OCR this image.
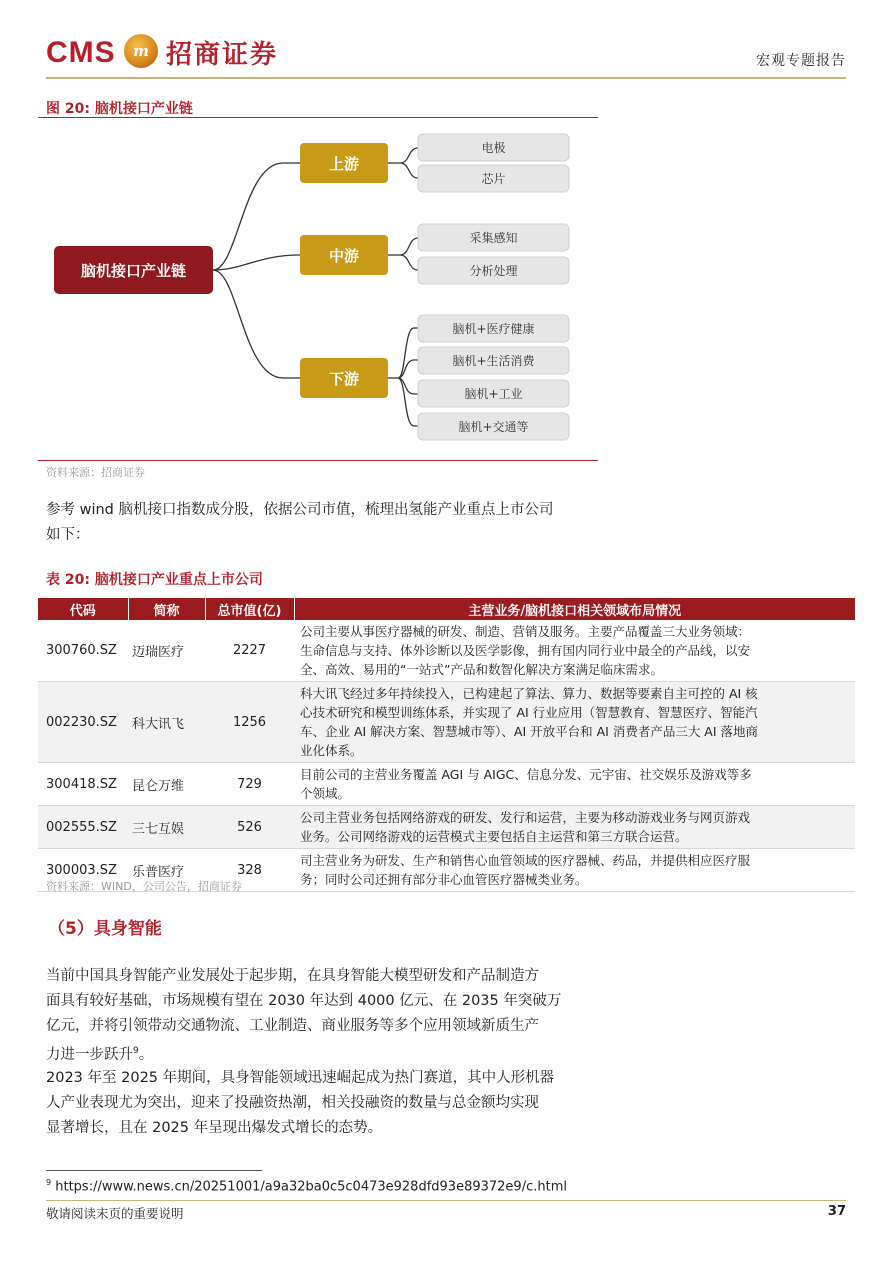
CMS	m 招商证券	宏观专题报告
图 20: 脑机接口产业链
脑机接口产业链
上游
中游
下游
电极
芯片
采集感知
分析处理
脑机+医疗健康
脑机+生活消费
脑机+工业
脑机+交通等
资料来源：招商证券
参考 wind 脑机接口指数成分股，依据公司市值，梳理出氢能产业重点上市公司
如下：
表 20: 脑机接口产业重点上市公司
代码	简称	总市值(亿)	主营业务/脑机接口相关领域布局情况
300760.SZ	迈瑞医疗	2227	公司主要从事医疗器械的研发、制造、营销及服务。主要产品覆盖三大业务领域：
生命信息与支持、体外诊断以及医学影像，拥有国内同行业中最全的产品线，以安
全、高效、易用的“一站式”产品和数智化解决方案满足临床需求。

002230.SZ	科大讯飞	1256	科大讯飞经过多年持续投入，已构建起了算法、算力、数据等要素自主可控的 AI 核
心技术研究和模型训练体系，并实现了 AI 行业应用（智慧教育、智慧医疗、智能汽
车、企业 AI 解决方案、智慧城市等）、AI 开放平台和 AI 消费者产品三大 AI 落地商
业化体系。

300418.SZ	昆仑万维	729	目前公司的主营业务覆盖 AGI 与 AIGC、信息分发、元宇宙、社交娱乐及游戏等多
个领域。

002555.SZ	三七互娱	526	公司主营业务包括网络游戏的研发、发行和运营，主要为移动游戏业务与网页游戏
业务。公司网络游戏的运营模式主要包括自主运营和第三方联合运营。

300003.SZ	乐普医疗	328	司主营业务为研发、生产和销售心血管领域的医疗器械、药品，并提供相应医疗服
务；同时公司还拥有部分非心血管医疗器械类业务。
资料来源：WIND，公司公告，招商证券
（5）具身智能
当前中国具身智能产业发展处于起步期，在具身智能大模型研发和产品制造方
面具有较好基础，市场规模有望在 2030 年达到 4000 亿元、在 2035 年突破万
亿元，并将引领带动交通物流、工业制造、商业服务等多个应用领域新质生产
力进一步跃升$^9$。
2023 年至 2025 年期间，具身智能领域迅速崛起成为热门赛道，其中人形机器
人产业表现尤为突出，迎来了投融资热潮，相关投融资的数量与总金额均实现
显著增长，且在 2025 年呈现出爆发式增长的态势。
$^9$ https://www.news.cn/20251001/a9a32ba0c5c0473e928dfd93e89372e9/c.html
敬请阅读末页的重要说明	37
